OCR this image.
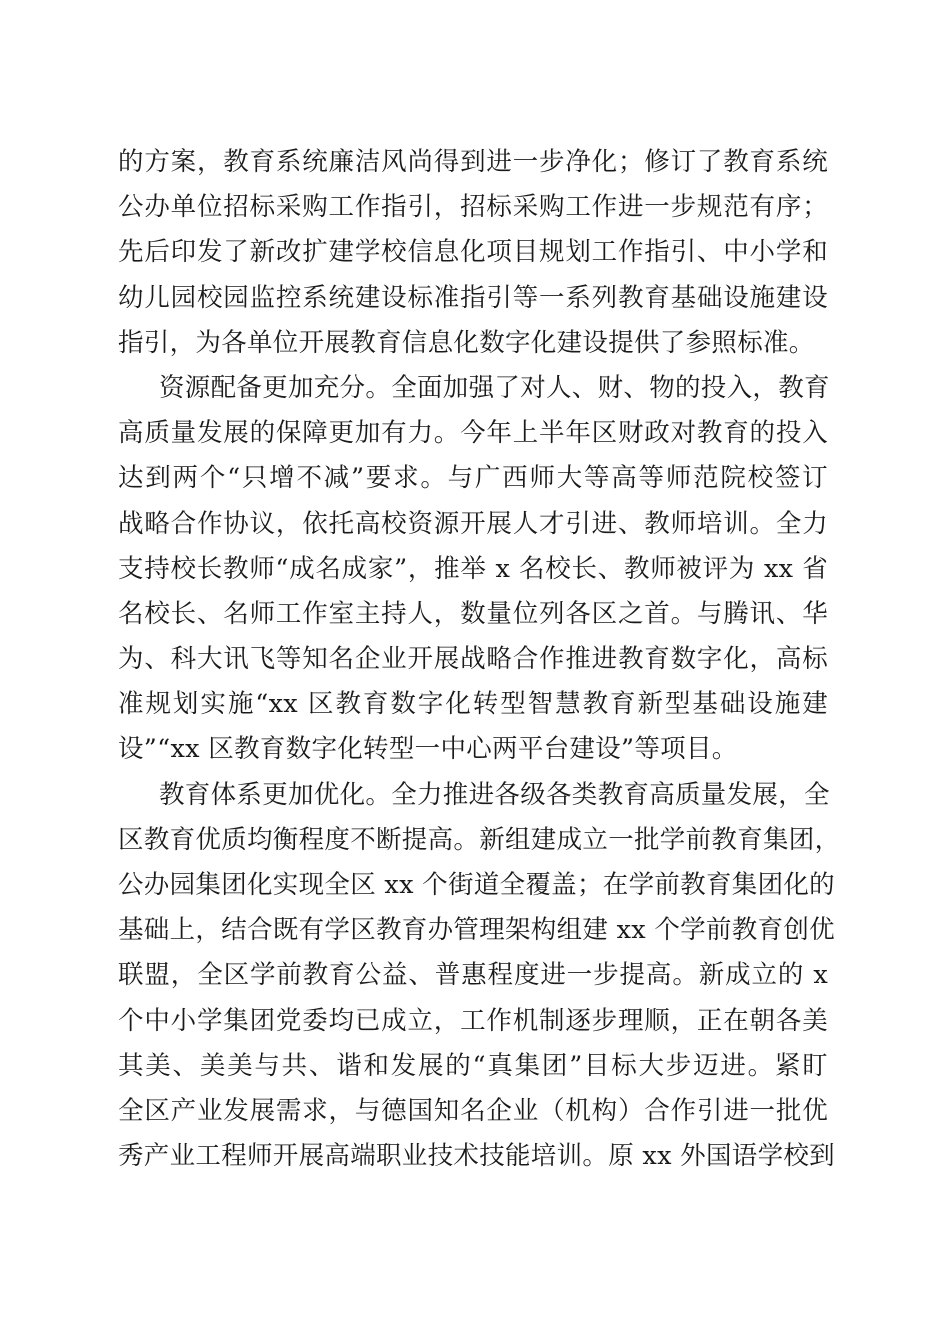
的方案，教育系统廉洁风尚得到进一步净化；修订了教育系统
公办单位招标采购工作指引，招标采购工作进一步规范有序；
先后印发了新改扩建学校信息化项目规划工作指引、中小学和
幼儿园校园监控系统建设标准指引等一系列教育基础设施建设
指引，为各单位开展教育信息化数字化建设提供了参照标准。
资源配备更加充分。全面加强了对人、财、物的投入，教育
高质量发展的保障更加有力。今年上半年区财政对教育的投入
达到两个“只增不减”要求。与广西师大等高等师范院校签订
战略合作协议，依托高校资源开展人才引进、教师培训。全力
支持校长教师“成名成家”，推举 x 名校长、教师被评为 xx 省
名校长、名师工作室主持人，数量位列各区之首。与腾讯、华
为、科大讯飞等知名企业开展战略合作推进教育数字化，高标
准规划实施“xx 区教育数字化转型智慧教育新型基础设施建
设”“xx 区教育数字化转型一中心两平台建设”等项目。
教育体系更加优化。全力推进各级各类教育高质量发展，全
区教育优质均衡程度不断提高。新组建成立一批学前教育集团，
公办园集团化实现全区 xx 个街道全覆盖；在学前教育集团化的
基础上，结合既有学区教育办管理架构组建 xx 个学前教育创优
联盟，全区学前教育公益、普惠程度进一步提高。新成立的 x
个中小学集团党委均已成立，工作机制逐步理顺，正在朝各美
其美、美美与共、谐和发展的“真集团”目标大步迈进。紧盯
全区产业发展需求，与德国知名企业（机构）合作引进一批优
秀产业工程师开展高端职业技术技能培训。原 xx 外国语学校到
